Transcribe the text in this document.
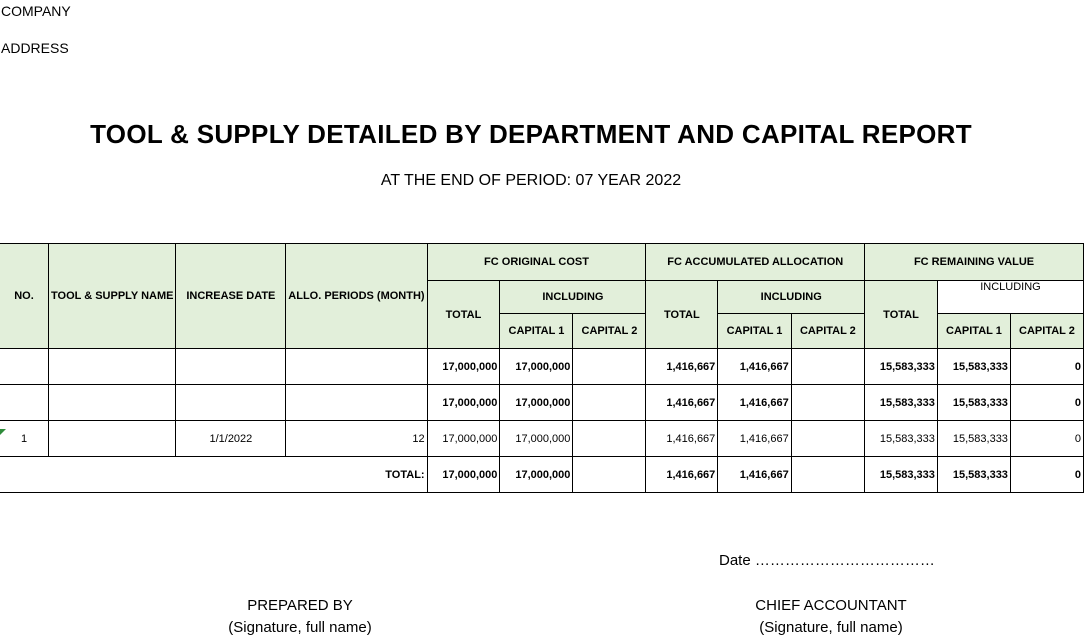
COMPANY
ADDRESS
TOOL & SUPPLY DETAILED BY DEPARTMENT AND CAPITAL REPORT
AT THE END OF PERIOD: 07 YEAR 2022
NO.	TOOL & SUPPLY NAME	INCREASE DATE	ALLO. PERIODS (MONTH)	FC ORIGINAL COST			FC ACCUMULATED ALLOCATION			FC REMAINING VALUE		
				TOTAL	INCLUDING		TOTAL	INCLUDING		TOTAL	INCLUDING	
					CAPITAL 1	CAPITAL 2		CAPITAL 1	CAPITAL 2		CAPITAL 1	CAPITAL 2
				17,000,000	17,000,000		1,416,667	1,416,667		15,583,333	15,583,333	0
				17,000,000	17,000,000		1,416,667	1,416,667		15,583,333	15,583,333	0
1		1/1/2022	12	17,000,000	17,000,000		1,416,667	1,416,667		15,583,333	15,583,333	0
TOTAL:				17,000,000	17,000,000		1,416,667	1,416,667		15,583,333	15,583,333	0
Date ………………………………
PREPARED BY
(Signature, full name)
CHIEF ACCOUNTANT
(Signature, full name)
